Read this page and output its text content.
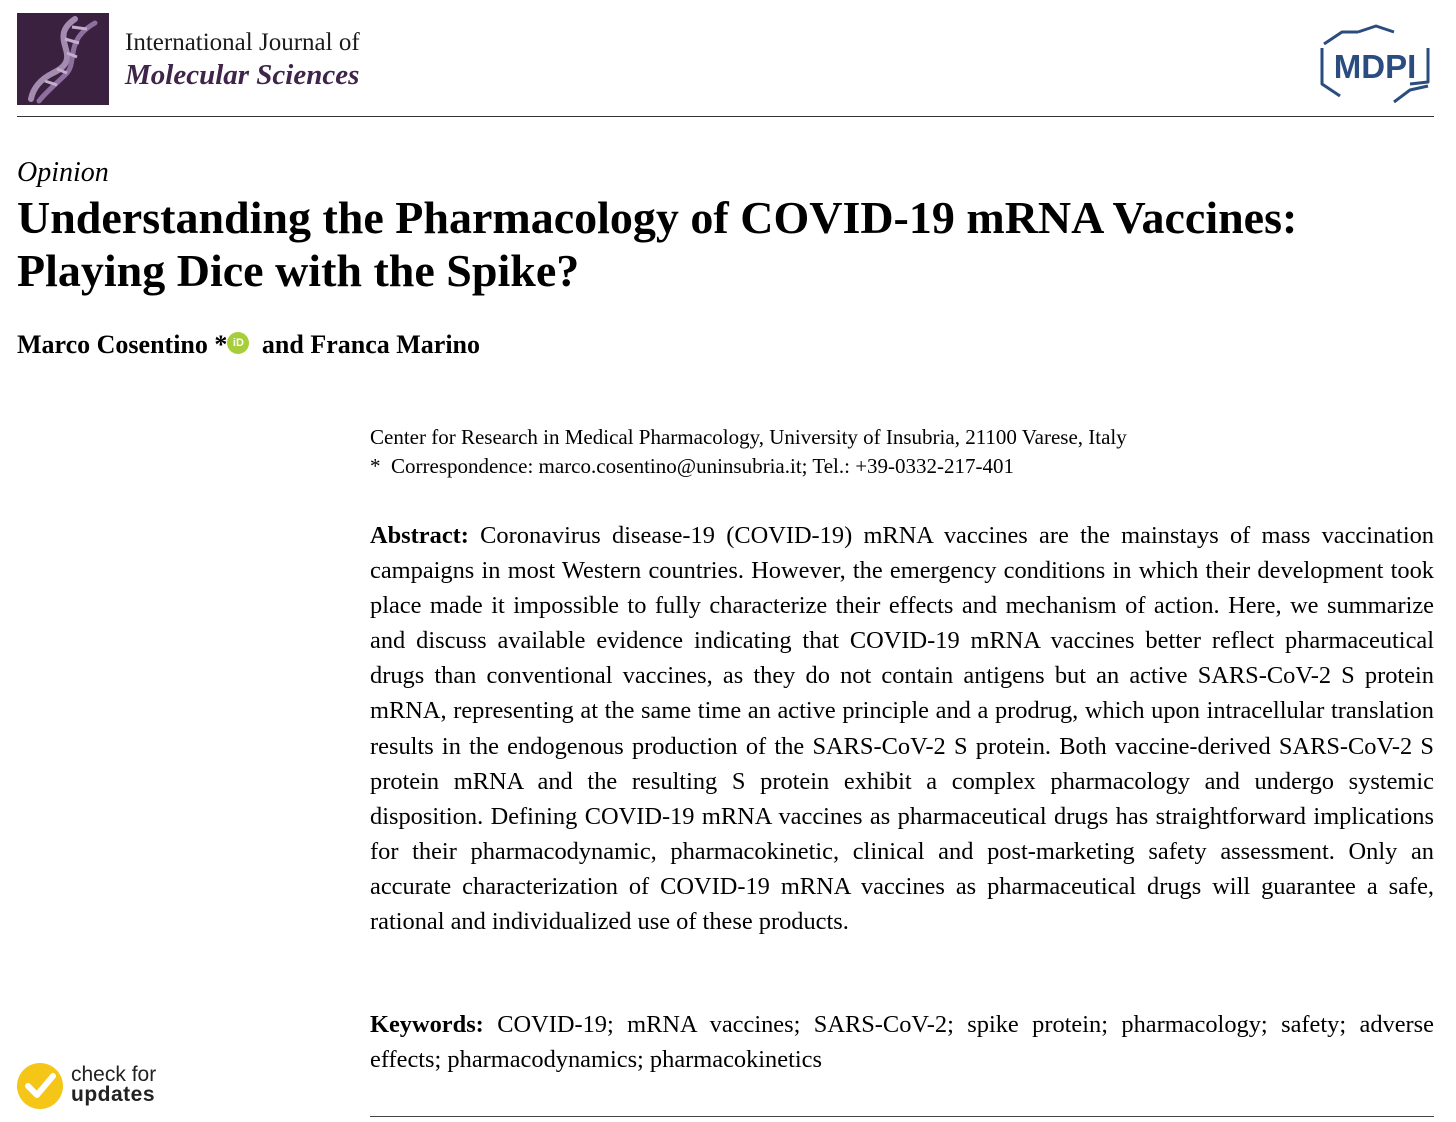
International Journal of
Molecular Sciences	MDPI
Opinion
Understanding the Pharmacology of COVID-19 mRNA Vaccines: Playing Dice with the Spike?
Marco Cosentino * iD and Franca Marino
Center for Research in Medical Pharmacology, University of Insubria, 21100 Varese, Italy
* Correspondence: marco.cosentino@uninsubria.it; Tel.: +39-0332-217-401
Abstract: Coronavirus disease-19 (COVID-19) mRNA vaccines are the mainstays of mass vaccination campaigns in most Western countries. However, the emergency conditions in which their development took place made it impossible to fully characterize their effects and mechanism of action. Here, we summarize and discuss available evidence indicating that COVID-19 mRNA vaccines better reflect pharmaceutical drugs than conventional vaccines, as they do not contain antigens but an active SARS-CoV-2 S protein mRNA, representing at the same time an active principle and a prodrug, which upon intracellular translation results in the endogenous production of the SARS-CoV-2 S protein. Both vaccine-derived SARS-CoV-2 S protein mRNA and the resulting S protein exhibit a complex pharmacology and undergo systemic disposition. Defining COVID-19 mRNA vaccines as pharmaceutical drugs has straightforward implications for their pharmacodynamic, pharmacokinetic, clinical and post-marketing safety assessment. Only an accurate characterization of COVID-19 mRNA vaccines as pharmaceutical drugs will guarantee a safe, rational and individualized use of these products.
Keywords: COVID-19; mRNA vaccines; SARS-CoV-2; spike protein; pharmacology; safety; adverse effects; pharmacodynamics; pharmacokinetics
check for
updates
